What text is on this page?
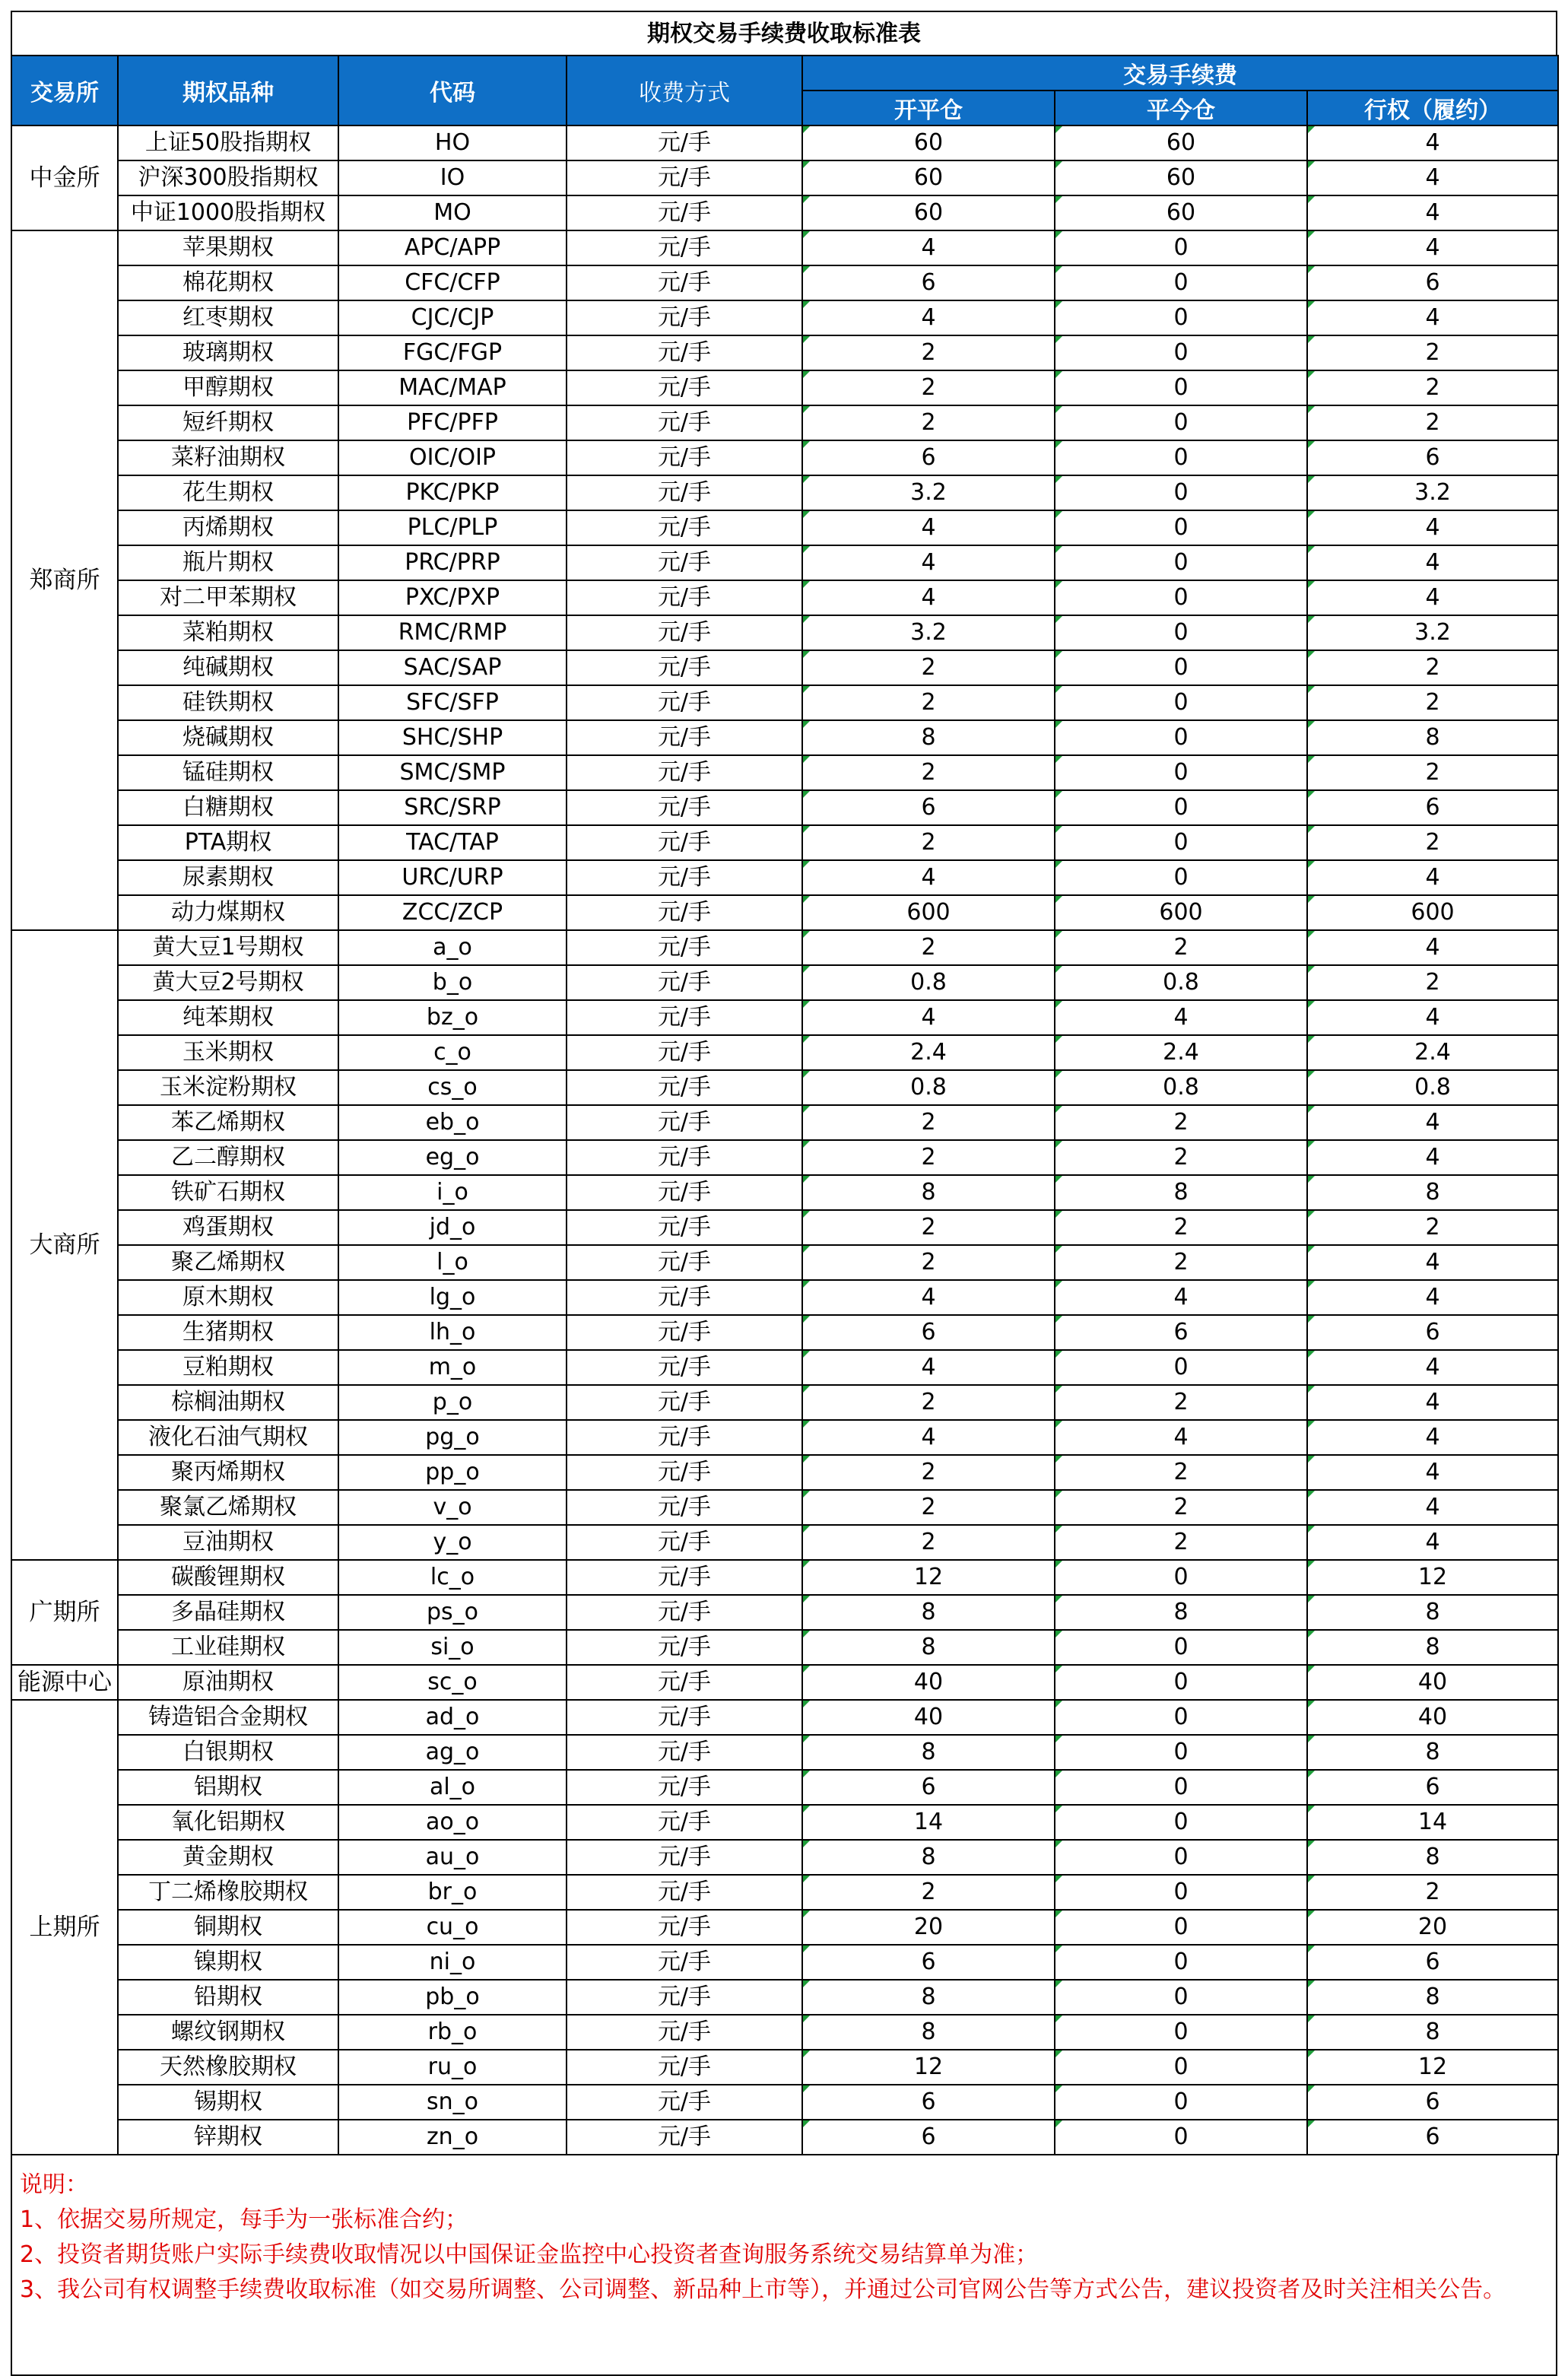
期权交易手续费收取标准表
交易所	期权品种	代码	收费方式	交易手续费		
				开平仓	平今仓	行权（履约）
中金所	上证50股指期权	HO	元/手	60	60	4
	沪深300股指期权	IO	元/手	60	60	4
	中证1000股指期权	MO	元/手	60	60	4
郑商所	苹果期权	APC/APP	元/手	4	0	4
	棉花期权	CFC/CFP	元/手	6	0	6
	红枣期权	CJC/CJP	元/手	4	0	4
	玻璃期权	FGC/FGP	元/手	2	0	2
	甲醇期权	MAC/MAP	元/手	2	0	2
	短纤期权	PFC/PFP	元/手	2	0	2
	菜籽油期权	OIC/OIP	元/手	6	0	6
	花生期权	PKC/PKP	元/手	3.2	0	3.2
	丙烯期权	PLC/PLP	元/手	4	0	4
	瓶片期权	PRC/PRP	元/手	4	0	4
	对二甲苯期权	PXC/PXP	元/手	4	0	4
	菜粕期权	RMC/RMP	元/手	3.2	0	3.2
	纯碱期权	SAC/SAP	元/手	2	0	2
	硅铁期权	SFC/SFP	元/手	2	0	2
	烧碱期权	SHC/SHP	元/手	8	0	8
	锰硅期权	SMC/SMP	元/手	2	0	2
	白糖期权	SRC/SRP	元/手	6	0	6
	PTA期权	TAC/TAP	元/手	2	0	2
	尿素期权	URC/URP	元/手	4	0	4
	动力煤期权	ZCC/ZCP	元/手	600	600	600
大商所	黄大豆1号期权	a_o	元/手	2	2	4
	黄大豆2号期权	b_o	元/手	0.8	0.8	2
	纯苯期权	bz_o	元/手	4	4	4
	玉米期权	c_o	元/手	2.4	2.4	2.4
	玉米淀粉期权	cs_o	元/手	0.8	0.8	0.8
	苯乙烯期权	eb_o	元/手	2	2	4
	乙二醇期权	eg_o	元/手	2	2	4
	铁矿石期权	i_o	元/手	8	8	8
	鸡蛋期权	jd_o	元/手	2	2	2
	聚乙烯期权	l_o	元/手	2	2	4
	原木期权	lg_o	元/手	4	4	4
	生猪期权	lh_o	元/手	6	6	6
	豆粕期权	m_o	元/手	4	0	4
	棕榈油期权	p_o	元/手	2	2	4
	液化石油气期权	pg_o	元/手	4	4	4
	聚丙烯期权	pp_o	元/手	2	2	4
	聚氯乙烯期权	v_o	元/手	2	2	4
	豆油期权	y_o	元/手	2	2	4
广期所	碳酸锂期权	lc_o	元/手	12	0	12
	多晶硅期权	ps_o	元/手	8	8	8
	工业硅期权	si_o	元/手	8	0	8
能源中心	原油期权	sc_o	元/手	40	0	40
上期所	铸造铝合金期权	ad_o	元/手	40	0	40
	白银期权	ag_o	元/手	8	0	8
	铝期权	al_o	元/手	6	0	6
	氧化铝期权	ao_o	元/手	14	0	14
	黄金期权	au_o	元/手	8	0	8
	丁二烯橡胶期权	br_o	元/手	2	0	2
	铜期权	cu_o	元/手	20	0	20
	镍期权	ni_o	元/手	6	0	6
	铅期权	pb_o	元/手	8	0	8
	螺纹钢期权	rb_o	元/手	8	0	8
	天然橡胶期权	ru_o	元/手	12	0	12
	锡期权	sn_o	元/手	6	0	6
	锌期权	zn_o	元/手	6	0	6

说明：

1、依据交易所规定，每手为一张标准合约；

2、投资者期货账户实际手续费收取情况以中国保证金监控中心投资者查询服务系统交易结算单为准；

3、我公司有权调整手续费收取标准（如交易所调整、公司调整、新品种上市等），并通过公司官网公告等方式公告，建议投资者及时关注相关公告。
